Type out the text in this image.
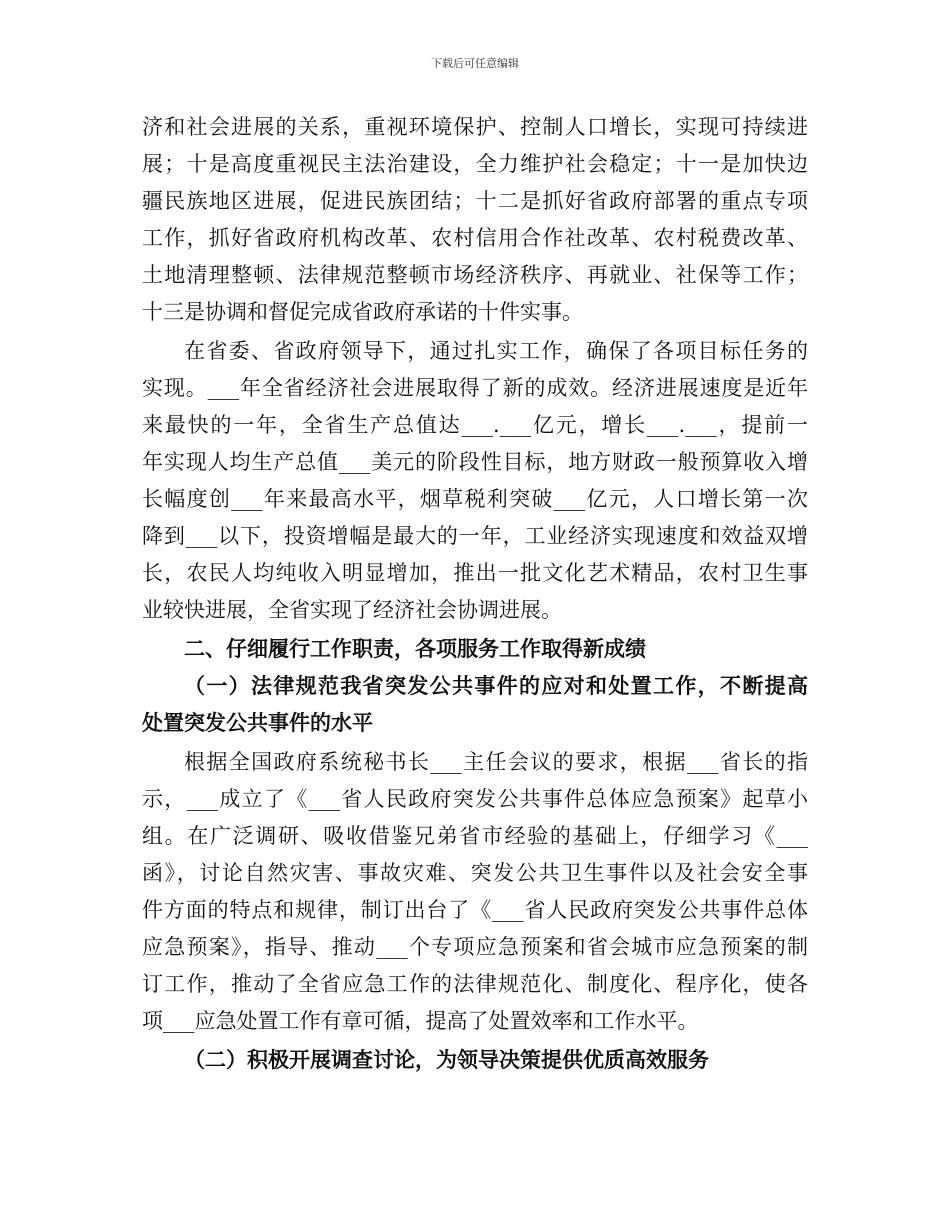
下载后可任意编辑
济和社会进展的关系，重视环境保护、控制人口增长，实现可持续进
展；十是高度重视民主法治建设，全力维护社会稳定；十一是加快边
疆民族地区进展，促进民族团结；十二是抓好省政府部署的重点专项
工作，抓好省政府机构改革、农村信用合作社改革、农村税费改革、
土地清理整顿、法律规范整顿市场经济秩序、再就业、社保等工作；
十三是协调和督促完成省政府承诺的十件实事。
在省委、省政府领导下，通过扎实工作，确保了各项目标任务的
实现。___年全省经济社会进展取得了新的成效。经济进展速度是近年
来最快的一年，全省生产总值达___.___亿元，增长___.___，提前一
年实现人均生产总值___美元的阶段性目标，地方财政一般预算收入增
长幅度创___年来最高水平，烟草税利突破___亿元，人口增长第一次
降到___以下，投资增幅是最大的一年，工业经济实现速度和效益双增
长，农民人均纯收入明显增加，推出一批文化艺术精品，农村卫生事
业较快进展，全省实现了经济社会协调进展。
二、仔细履行工作职责，各项服务工作取得新成绩
（一）法律规范我省突发公共事件的应对和处置工作，不断提高
处置突发公共事件的水平
根据全国政府系统秘书长___主任会议的要求，根据___省长的指
示，___成立了《___省人民政府突发公共事件总体应急预案》起草小
组。在广泛调研、吸收借鉴兄弟省市经验的基础上，仔细学习《___
函》，讨论自然灾害、事故灾难、突发公共卫生事件以及社会安全事
件方面的特点和规律，制订出台了《___省人民政府突发公共事件总体
应急预案》，指导、推动___个专项应急预案和省会城市应急预案的制
订工作，推动了全省应急工作的法律规范化、制度化、程序化，使各
项___应急处置工作有章可循，提高了处置效率和工作水平。
（二）积极开展调查讨论，为领导决策提供优质高效服务
